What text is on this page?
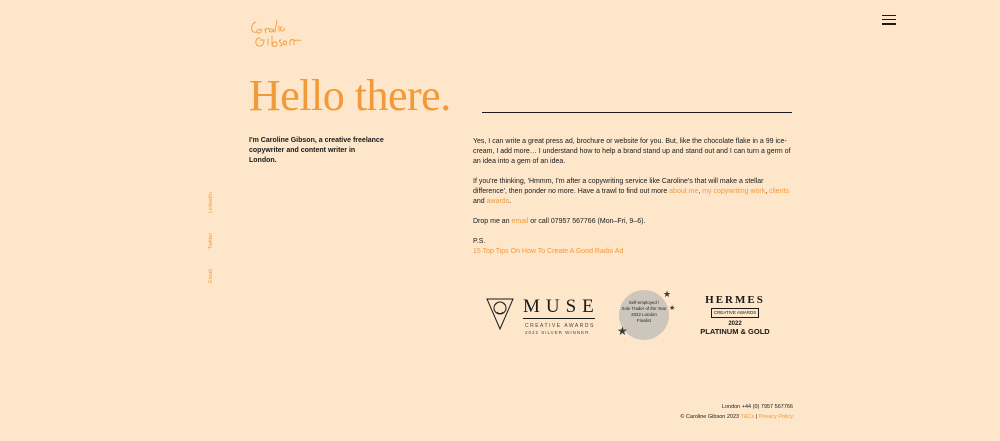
Hello there.
I'm Caroline Gibson, a creative freelance copywriter and content writer in London.
LinkedIn
Twitter
Email

Yes, I can write a great press ad, brochure or website for you. But, like the chocolate flake in a 99 ice-cream, I add more… I understand how to help a brand stand up and stand out and I can turn a germ of an idea into a gem of an idea.

If you're thinking, 'Hmmm, I'm after a copywriting service like Caroline's that will make a stellar difference', then ponder no more. Have a trawl to find out more about me, my copywriting work, clients and awards.

Drop me an email or call 07957 567766 (Mon–Fri, 9–6).

P.S.
15 Top Tips On How To Create A Good Radio Ad

MUSE
CREATIVE AWARDS
2022 SILVER WINNER
★
★
★
Self-employed /
Sole Trader of the Year
2022 London
Finalist
HERMES
CREATIVE AWARDS
2022
PLATINUM & GOLD
London +44 (0) 7957 567766
© Caroline Gibson 2023 T&Cs | Privacy Policy
